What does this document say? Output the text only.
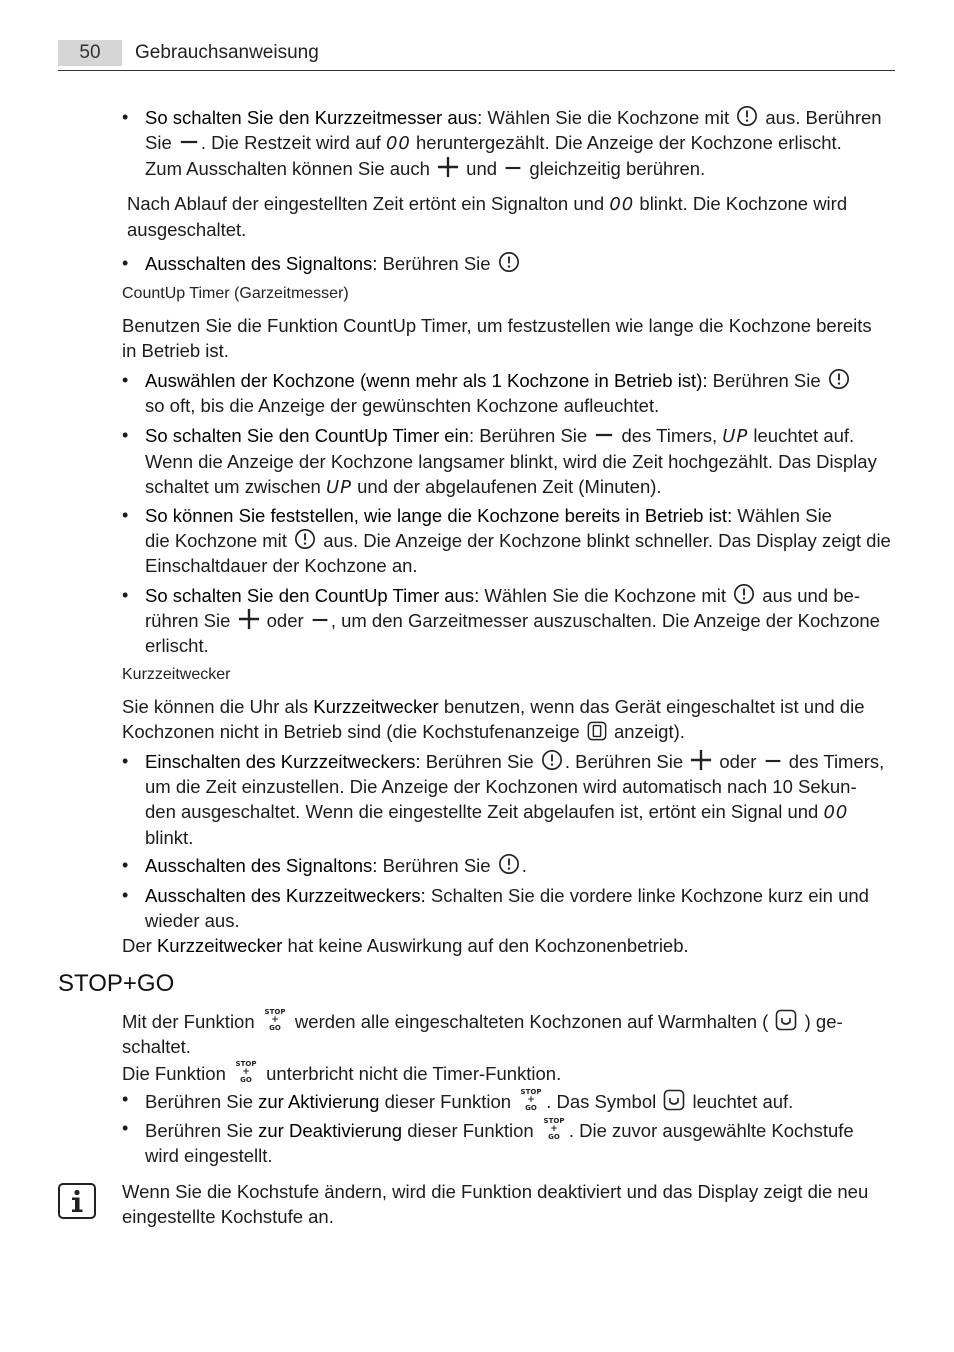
50	Gebrauchsanweisung
• So schalten Sie den Kurzzeitmesser aus: Wählen Sie die Kochzone mit aus. Berühren
Sie . Die Restzeit wird auf 00 heruntergezählt. Die Anzeige der Kochzone erlischt.
Zum Ausschalten können Sie auch und gleichzeitig berühren.
Nach Ablauf der eingestellten Zeit ertönt ein Signalton und 00 blinkt. Die Kochzone wird
ausgeschaltet.
• Ausschalten des Signaltons: Berühren Sie
CountUp Timer (Garzeitmesser)
Benutzen Sie die Funktion CountUp Timer, um festzustellen wie lange die Kochzone bereits
in Betrieb ist.
• Auswählen der Kochzone (wenn mehr als 1 Kochzone in Betrieb ist): Berühren Sie
so oft, bis die Anzeige der gewünschten Kochzone aufleuchtet.
• So schalten Sie den CountUp Timer ein: Berühren Sie des Timers, UP leuchtet auf.
Wenn die Anzeige der Kochzone langsamer blinkt, wird die Zeit hochgezählt. Das Display
schaltet um zwischen UP und der abgelaufenen Zeit (Minuten).
• So können Sie feststellen, wie lange die Kochzone bereits in Betrieb ist: Wählen Sie
die Kochzone mit aus. Die Anzeige der Kochzone blinkt schneller. Das Display zeigt die
Einschaltdauer der Kochzone an.
• So schalten Sie den CountUp Timer aus: Wählen Sie die Kochzone mit aus und be-
rühren Sie oder , um den Garzeitmesser auszuschalten. Die Anzeige der Kochzone
erlischt.
Kurzzeitwecker
Sie können die Uhr als Kurzzeitwecker benutzen, wenn das Gerät eingeschaltet ist und die
Kochzonen nicht in Betrieb sind (die Kochstufenanzeige anzeigt).
• Einschalten des Kurzzeitweckers: Berühren Sie . Berühren Sie oder des Timers,
um die Zeit einzustellen. Die Anzeige der Kochzonen wird automatisch nach 10 Sekun-
den ausgeschaltet. Wenn die eingestellte Zeit abgelaufen ist, ertönt ein Signal und 00
blinkt.
• Ausschalten des Signaltons: Berühren Sie .
• Ausschalten des Kurzzeitweckers: Schalten Sie die vordere linke Kochzone kurz ein und
wieder aus.
Der Kurzzeitwecker hat keine Auswirkung auf den Kochzonenbetrieb.
STOP+GO
Mit der Funktion STOP
+
GO werden alle eingeschalteten Kochzonen auf Warmhalten ( ) ge-
schaltet.
Die Funktion STOP
+
GO unterbricht nicht die Timer-Funktion.
• Berühren Sie zur Aktivierung dieser Funktion STOP
+
GO . Das Symbol leuchtet auf.
• Berühren Sie zur Deaktivierung dieser Funktion STOP
+
GO . Die zuvor ausgewählte Kochstufe
wird eingestellt.
Wenn Sie die Kochstufe ändern, wird die Funktion deaktiviert und das Display zeigt die neu
eingestellte Kochstufe an.
